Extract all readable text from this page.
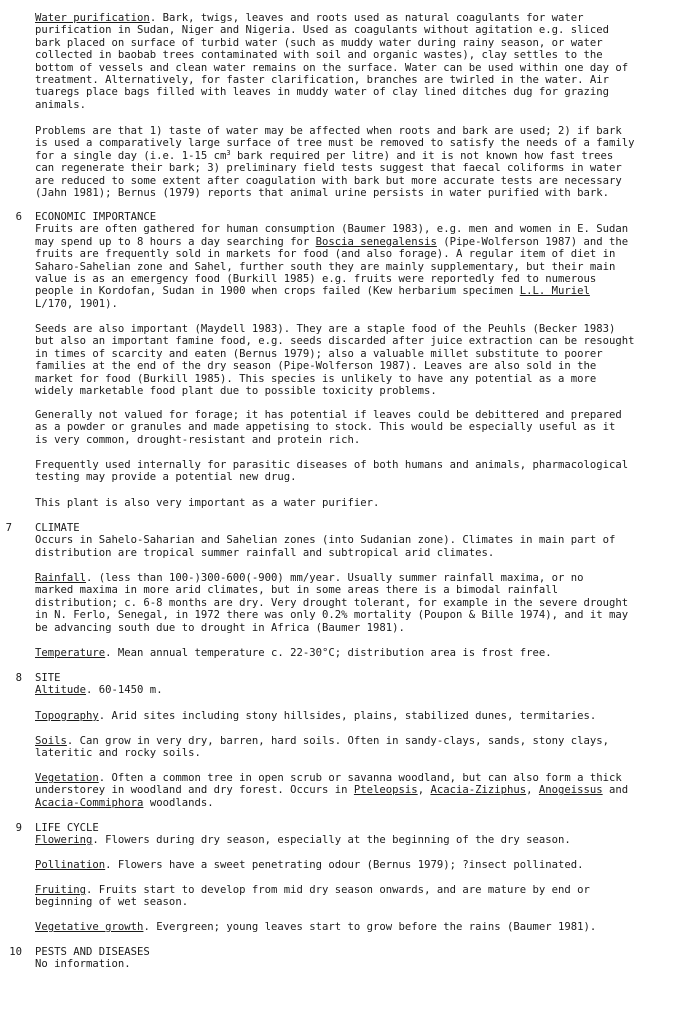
Water purification. Bark, twigs, leaves and roots used as natural coagulants for water
purification in Sudan, Niger and Nigeria. Used as coagulants without agitation e.g. sliced
bark placed on surface of turbid water (such as muddy water during rainy season, or water
collected in baobab trees contaminated with soil and organic wastes), clay settles to the
bottom of vessels and clean water remains on the surface. Water can be used within one day of
treatment. Alternatively, for faster clarification, branches are twirled in the water. Air
tuaregs place bags filled with leaves in muddy water of clay lined ditches dug for grazing
animals.
Problems are that 1) taste of water may be affected when roots and bark are used; 2) if bark
is used a comparatively large surface of tree must be removed to satisfy the needs of a family
for a single day (i.e. 1-15 $cm^3$ bark required per litre) and it is not known how fast trees
can regenerate their bark; 3) preliminary field tests suggest that faecal coliforms in water
are reduced to some extent after coagulation with bark but more accurate tests are necessary
(Jahn 1981); Bernus (1979) reports that animal urine persists in water purified with bark.
6 ECONOMIC IMPORTANCE
Fruits are often gathered for human consumption (Baumer 1983), e.g. men and women in E. Sudan
may spend up to 8 hours a day searching for Boscia senegalensis (Pipe-Wolferson 1987) and the
fruits are frequently sold in markets for food (and also forage). A regular item of diet in
Saharo-Sahelian zone and Sahel, further south they are mainly supplementary, but their main
value is as an emergency food (Burkill 1985) e.g. fruits were reportedly fed to numerous
people in Kordofan, Sudan in 1900 when crops failed (Kew herbarium specimen L.L. Muriel
L/170, 1901).
Seeds are also important (Maydell 1983). They are a staple food of the Peuhls (Becker 1983)
but also an important famine food, e.g. seeds discarded after juice extraction can be resought
in times of scarcity and eaten (Bernus 1979); also a valuable millet substitute to poorer
families at the end of the dry season (Pipe-Wolferson 1987). Leaves are also sold in the
market for food (Burkill 1985). This species is unlikely to have any potential as a more
widely marketable food plant due to possible toxicity problems.
Generally not valued for forage; it has potential if leaves could be debittered and prepared
as a powder or granules and made appetising to stock. This would be especially useful as it
is very common, drought-resistant and protein rich.
Frequently used internally for parasitic diseases of both humans and animals, pharmacological
testing may provide a potential new drug.
This plant is also very important as a water purifier.
7 CLIMATE
Occurs in Sahelo-Saharian and Sahelian zones (into Sudanian zone). Climates in main part of
distribution are tropical summer rainfall and subtropical arid climates.
Rainfall. (less than 100-)300-600(-900) mm/year. Usually summer rainfall maxima, or no
marked maxima in more arid climates, but in some areas there is a bimodal rainfall
distribution; c. 6-8 months are dry. Very drought tolerant, for example in the severe drought
in N. Ferlo, Senegal, in 1972 there was only 0.2% mortality (Poupon & Bille 1974), and it may
be advancing south due to drought in Africa (Baumer 1981).
Temperature. Mean annual temperature c. 22-30°C; distribution area is frost free.
8 SITE
Altitude. 60-1450 m.
Topography. Arid sites including stony hillsides, plains, stabilized dunes, termitaries.
Soils. Can grow in very dry, barren, hard soils. Often in sandy-clays, sands, stony clays,
lateritic and rocky soils.
Vegetation. Often a common tree in open scrub or savanna woodland, but can also form a thick
understorey in woodland and dry forest. Occurs in Pteleopsis, Acacia-Ziziphus, Anogeissus and
Acacia-Commiphora woodlands.
9 LIFE CYCLE
Flowering. Flowers during dry season, especially at the beginning of the dry season.
Pollination. Flowers have a sweet penetrating odour (Bernus 1979); ?insect pollinated.
Fruiting. Fruits start to develop from mid dry season onwards, and are mature by end or
beginning of wet season.
Vegetative growth. Evergreen; young leaves start to grow before the rains (Baumer 1981).
10 PESTS AND DISEASES
No information.
